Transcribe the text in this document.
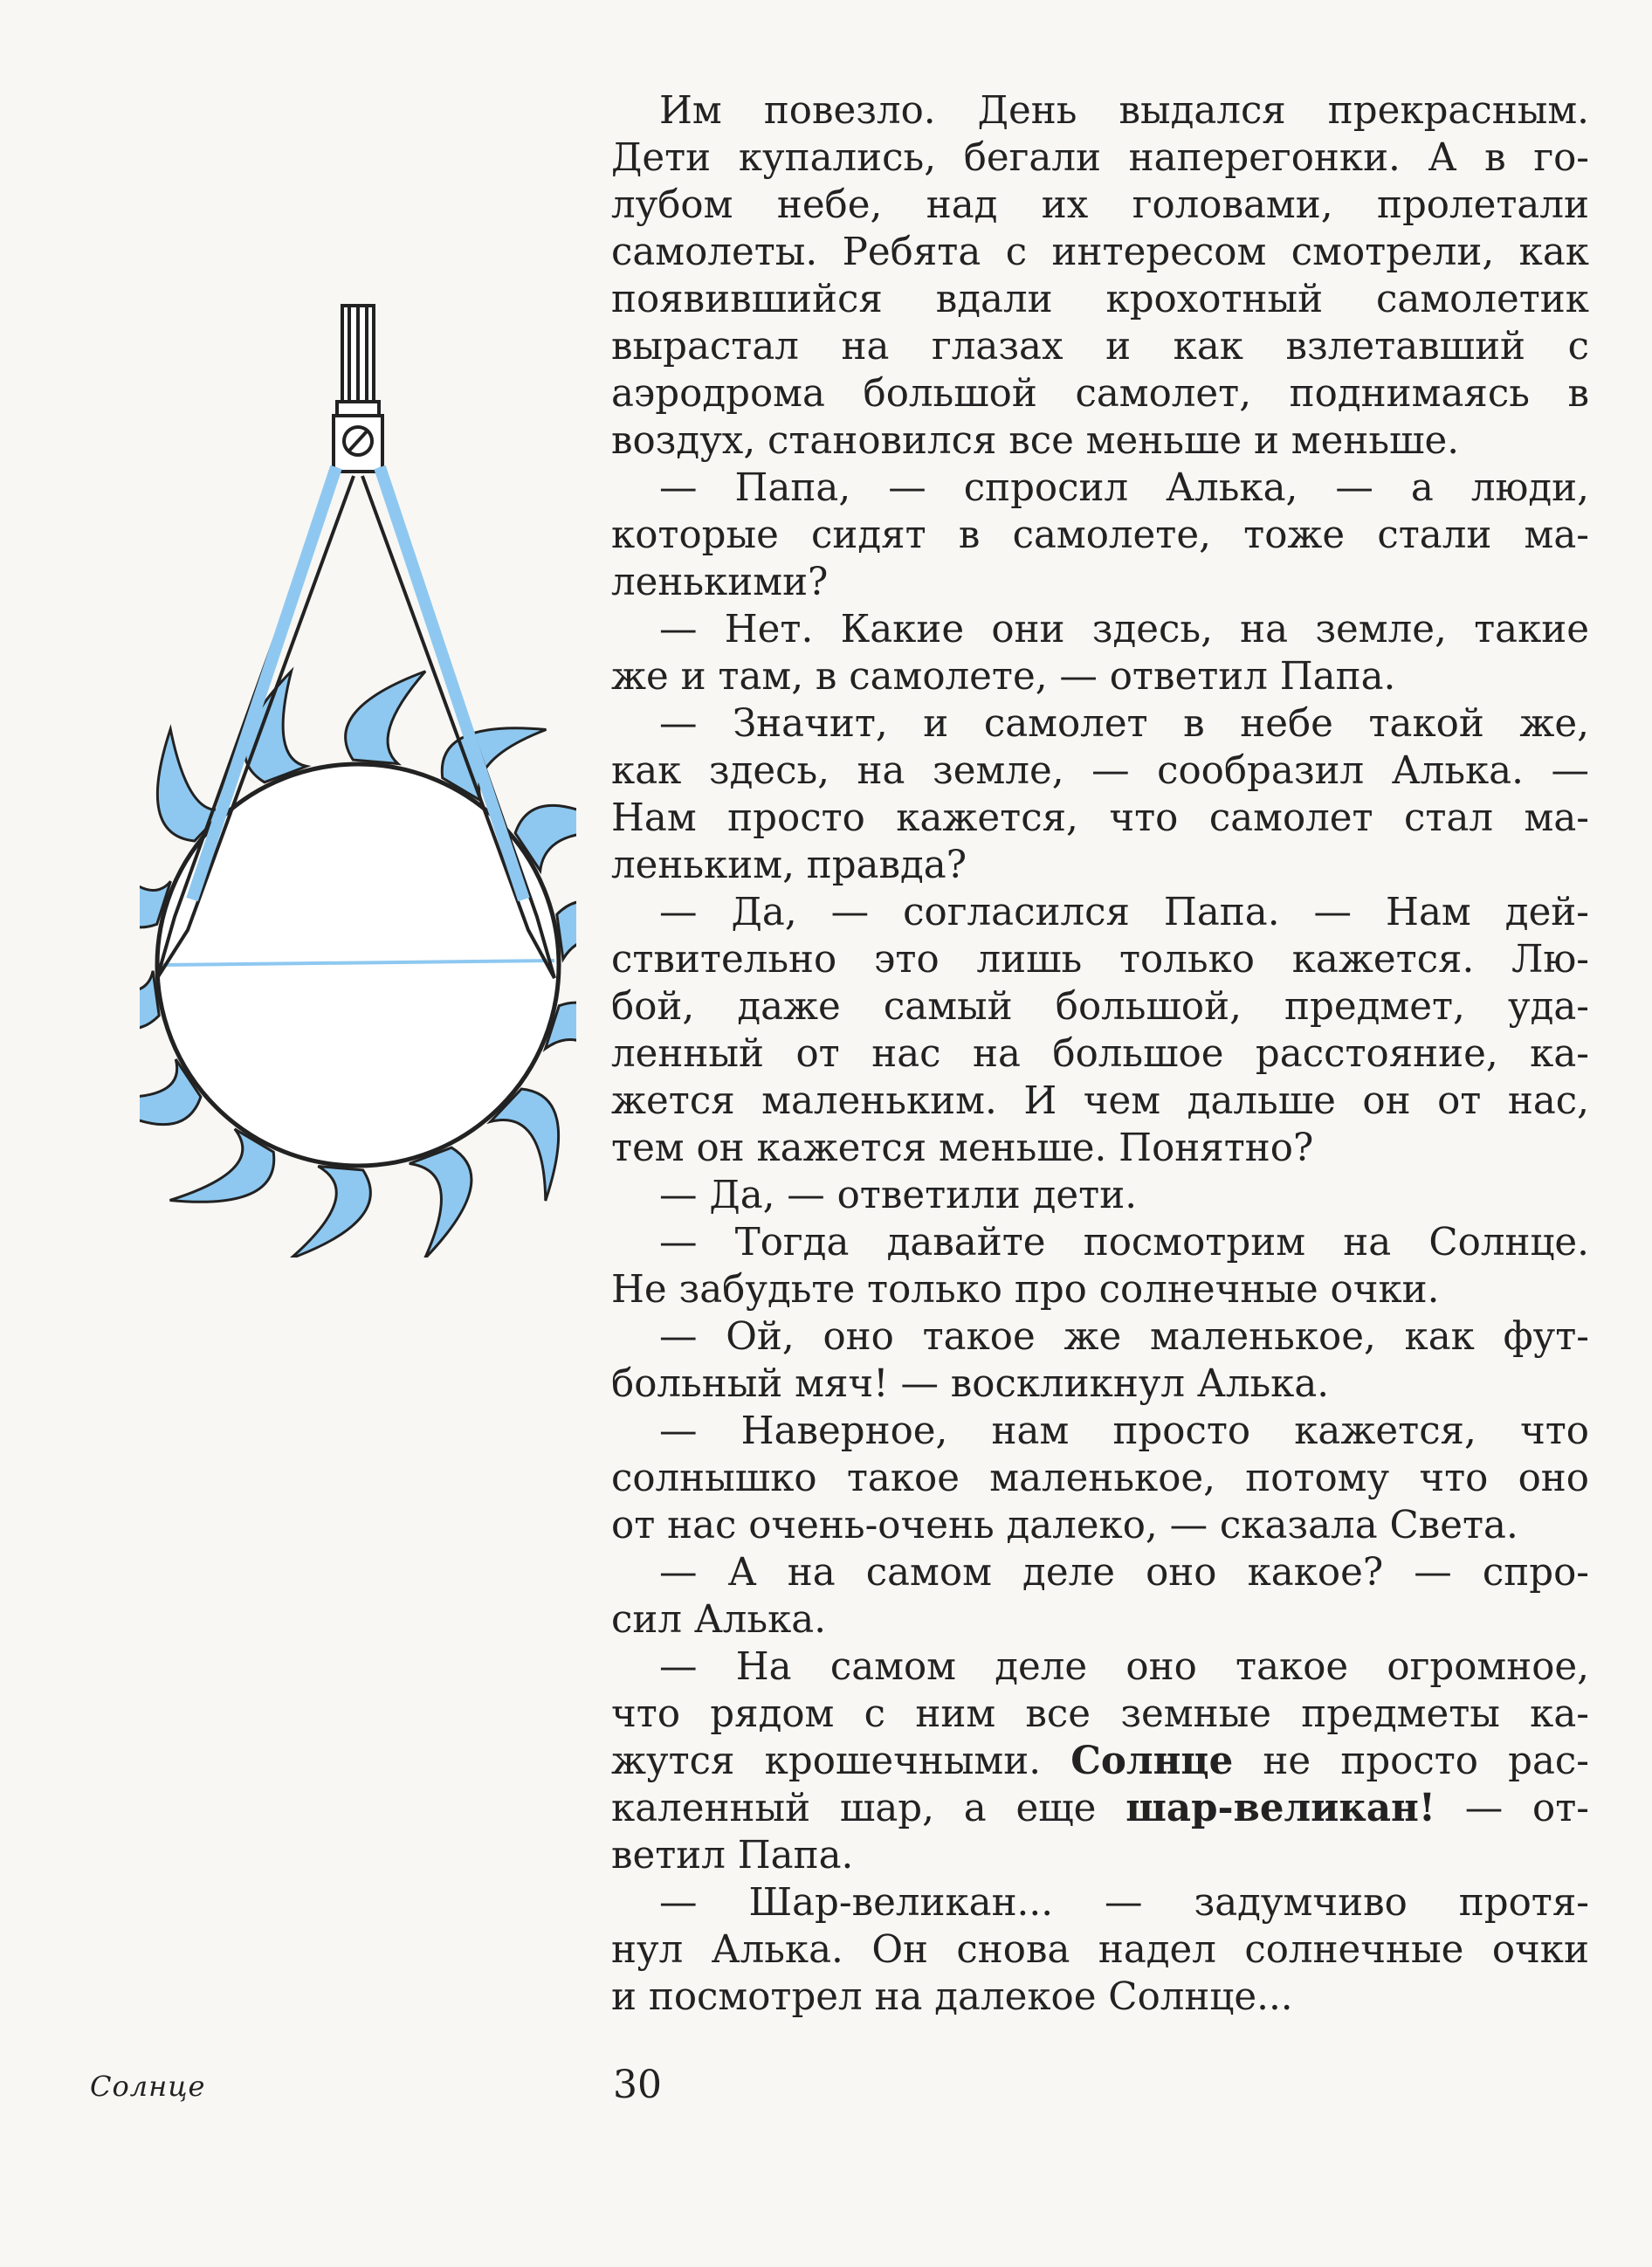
Им повезло. День выдался прекрасным.
Дети купались, бегали наперегонки. А в го-
лубом небе, над их головами, пролетали
самолеты. Ребята с интересом смотрели, как
появившийся вдали крохотный самолетик
вырастал на глазах и как взлетавший с
аэродрома большой самолет, поднимаясь в
воздух, становился все меньше и меньше.
— Папа, — спросил Алька, — а люди,
которые сидят в самолете, тоже стали ма-
ленькими?
— Нет. Какие они здесь, на земле, такие
же и там, в самолете, — ответил Папа.
— Значит, и самолет в небе такой же,
как здесь, на земле, — сообразил Алька. —
Нам просто кажется, что самолет стал ма-
леньким, правда?
— Да, — согласился Папа. — Нам дей-
ствительно это лишь только кажется. Лю-
бой, даже самый большой, предмет, уда-
ленный от нас на большое расстояние, ка-
жется маленьким. И чем дальше он от нас,
тем он кажется меньше. Понятно?
— Да, — ответили дети.
— Тогда давайте посмотрим на Солнце.
Не забудьте только про солнечные очки.
— Ой, оно такое же маленькое, как фут-
больный мяч! — воскликнул Алька.
— Наверное, нам просто кажется, что
солнышко такое маленькое, потому что оно
от нас очень-очень далеко, — сказала Света.
— А на самом деле оно какое? — спро-
сил Алька.
— На самом деле оно такое огромное,
что рядом с ним все земные предметы ка-
жутся крошечными. Солнце не просто рас-
каленный шар, а еще шар-великан! — от-
ветил Папа.
— Шар-великан... — задумчиво протя-
нул Алька. Он снова надел солнечные очки
и посмотрел на далекое Солнце...
Солнце	30
